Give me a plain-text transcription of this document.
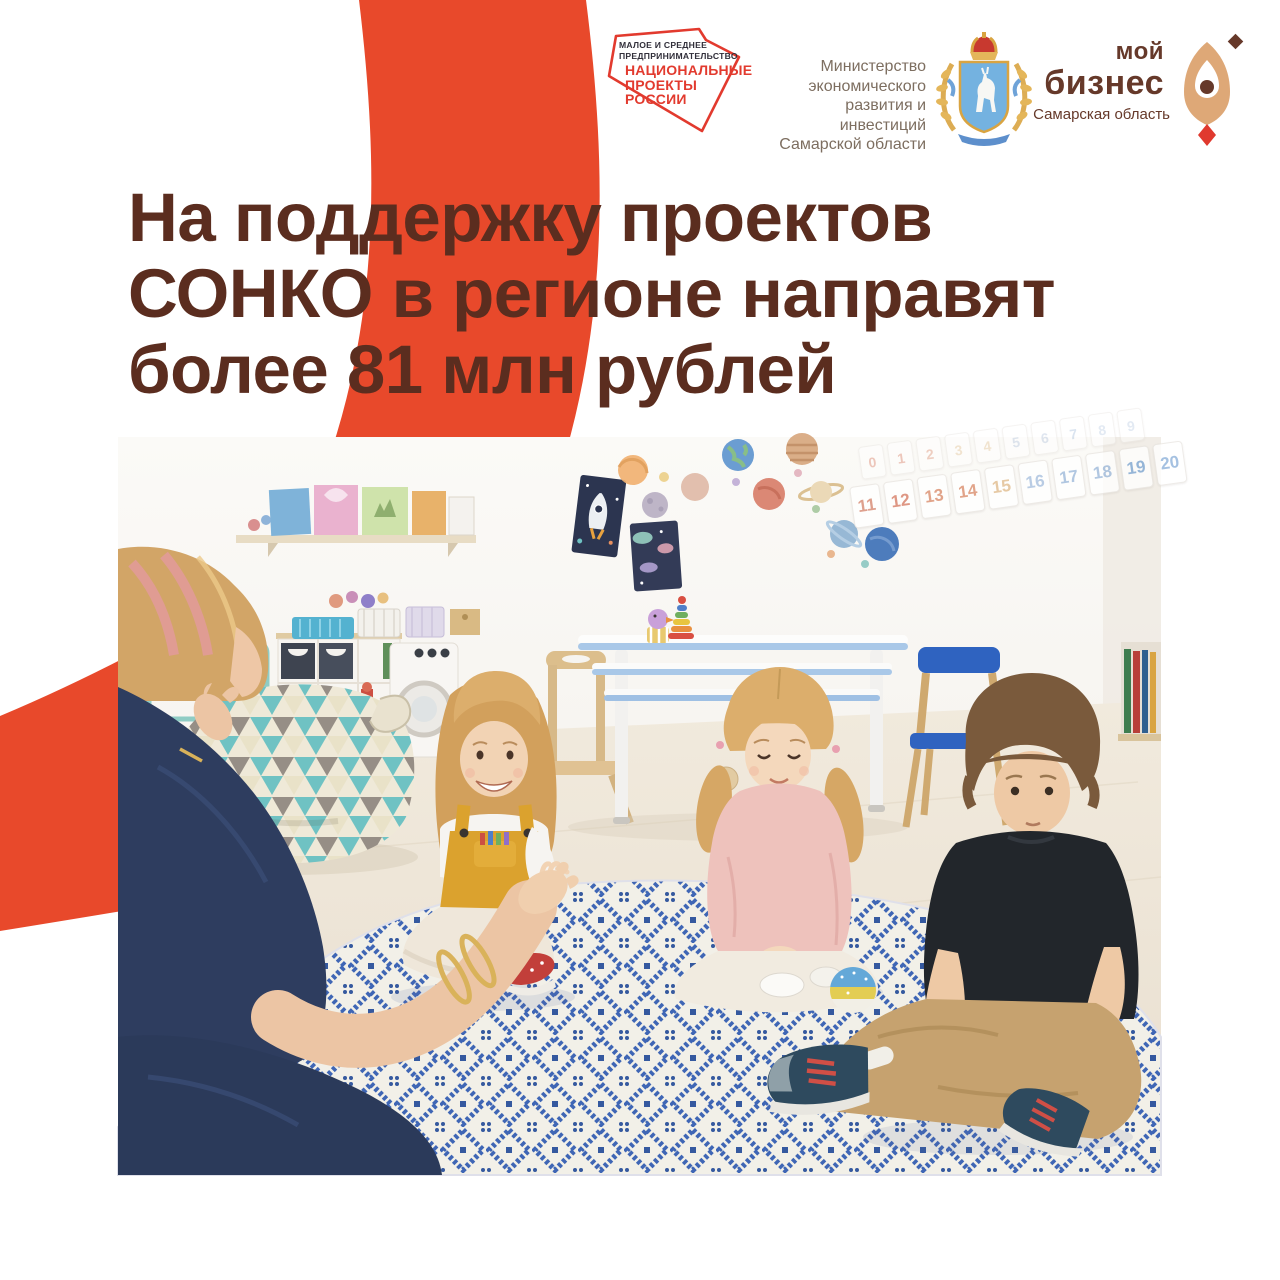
МАЛОЕ И СРЕДНЕЕ
ПРЕДПРИНИМАТЕЛЬСТВО
НАЦИОНАЛЬНЫЕ
ПРОЕКТЫ
РОССИИ
Министерство
экономического
развития и инвестиций
Самарской области
мой
бизнес
Самарская область
На поддержку проектов
СОНКО в регионе направят
более 81 млн рублей
0	1	2	3	4	5	6	7	8	9
11 12 13 14 15 16 17 18 19 20
